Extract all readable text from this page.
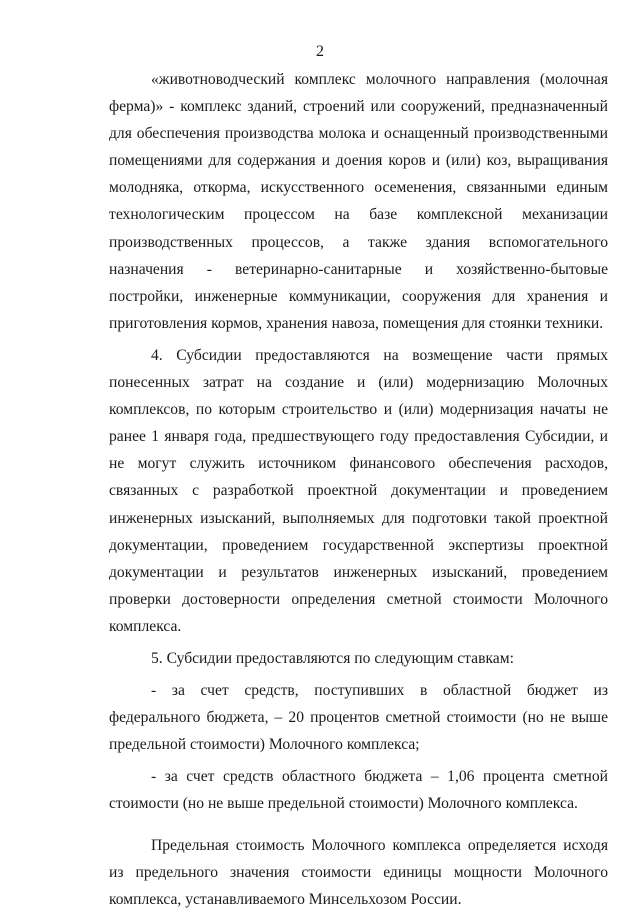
2

«животноводческий комплекс молочного направления (молочная ферма)» - комплекс зданий, строений или сооружений, предназначенный для обеспечения производства молока и оснащенный производственными помещениями для содержания и доения коров и (или) коз, выращивания молодняка, откорма, искусственного осеменения, связанными единым технологическим процессом на базе комплексной механизации производственных процессов, а также здания вспомогательного назначения - ветеринарно-санитарные и хозяйственно-бытовые постройки, инженерные коммуникации, сооружения для хранения и приготовления кормов, хранения навоза, помещения для стоянки техники.

4. Субсидии предоставляются на возмещение части прямых понесенных затрат на создание и (или) модернизацию Молочных комплексов, по которым строительство и (или) модернизация начаты не ранее 1 января года, предшествующего году предоставления Субсидии, и не могут служить источником финансового обеспечения расходов, связанных с разработкой проектной документации и проведением инженерных изысканий, выполняемых для подготовки такой проектной документации, проведением государственной экспертизы проектной документации и результатов инженерных изысканий, проведением проверки достоверности определения сметной стоимости Молочного комплекса.

5. Субсидии предоставляются по следующим ставкам:

- за счет средств, поступивших в областной бюджет из федерального бюджета, – 20 процентов сметной стоимости (но не выше предельной стоимости) Молочного комплекса;

- за счет средств областного бюджета – 1,06 процента сметной стоимости (но не выше предельной стоимости) Молочного комплекса.

Предельная стоимость Молочного комплекса определяется исходя из предельного значения стоимости единицы мощности Молочного комплекса, устанавливаемого Минсельхозом России.
